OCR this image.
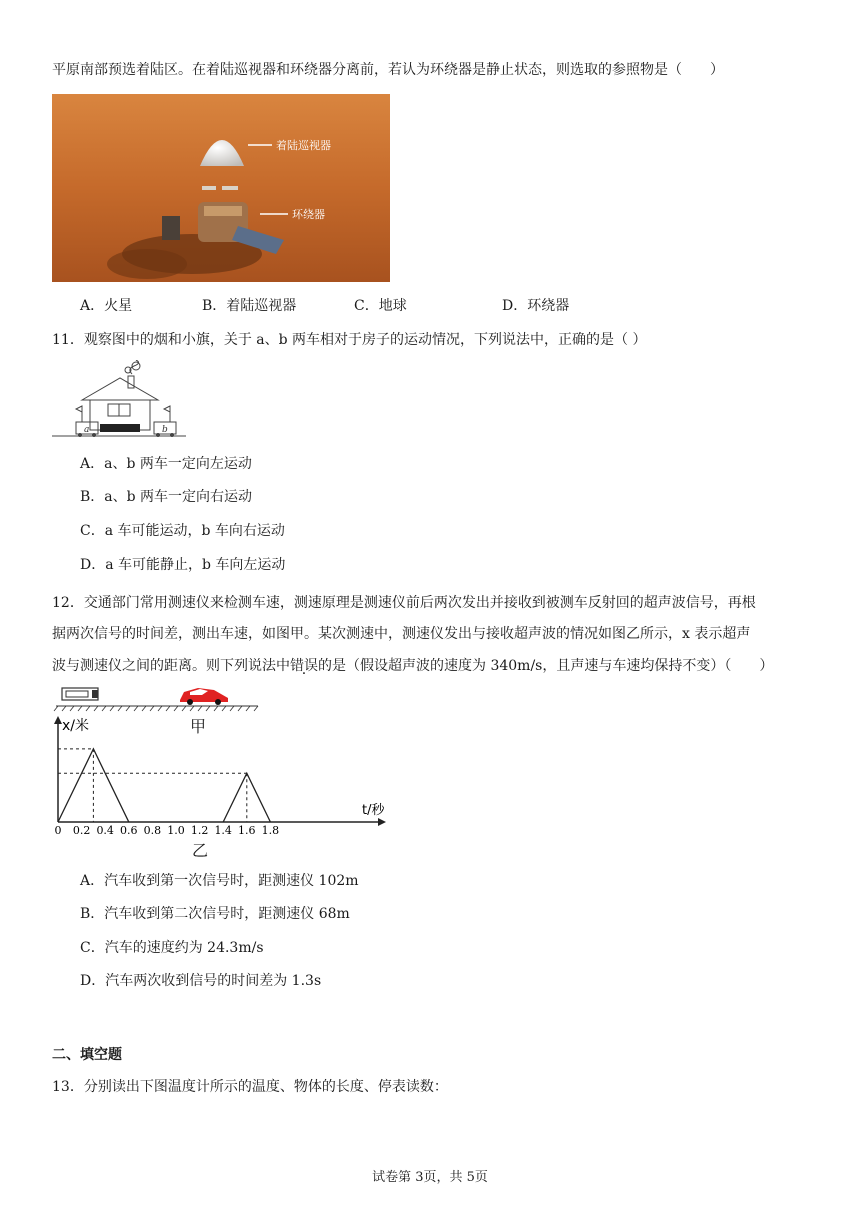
平原南部预选着陆区。在着陆巡视器和环绕器分离前，若认为环绕器是静止状态，则选取的参照物是（　　）
着陆巡视器
环绕器
A．火星	B．着陆巡视器	C．地球	D．环绕器
11．观察图中的烟和小旗，关于 a、b 两车相对于房子的运动情况，下列说法中，正确的是（ ）
a	b
A．a、b 两车一定向左运动
B．a、b 两车一定向右运动
C．a 车可能运动，b 车向右运动
D．a 车可能静止，b 车向左运动
12．交通部门常用测速仪来检测车速，测速原理是测速仪前后两次发出并接收到被测车反射回的超声波信号，再根
据两次信号的时间差，测出车速，如图甲。某次测速中，测速仪发出与接收超声波的情况如图乙所示，x 表示超声
波与测速仪之间的距离。则下列说法中错误的是（假设超声波的速度为 340m/s，且声速与车速均保持不变）（　　）
甲
x/米
t/秒
0 0.2 0.4 0.6 0.8 1.0 1.2 1.4 1.6 1.8
乙
A．汽车收到第一次信号时，距测速仪 102m
B．汽车收到第二次信号时，距测速仪 68m
C．汽车的速度约为 24.3m/s
D．汽车两次收到信号的时间差为 1.3s
二、填空题
13．分别读出下图温度计所示的温度、物体的长度、停表读数：
试卷第 3页，共 5页
